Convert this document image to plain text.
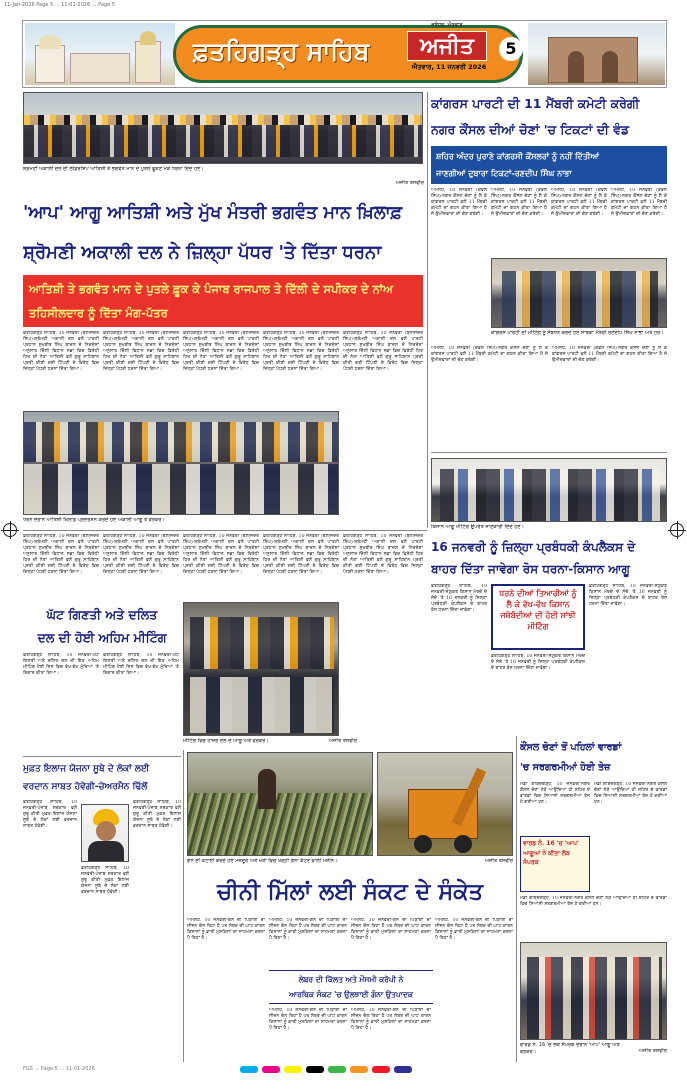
11-Jan-2026 Page 5 ... 11-01-2026 ... Page 5
ਫ਼ਤਹਿਗੜ੍ਹ ਸਾਹਿਬ	ਅਜੀਤ
ਜਲੰਧਰ, ਐਤਵਾਰ
ਐਤਵਾਰ, 11 ਜਨਵਰੀ 2026
5
ਸ਼੍ਰੋਮਣੀ ਅਕਾਲੀ ਦਲ ਦੀ ਲੀਡਰਸ਼ਿਪ ਆਤਿਸ਼ੀ ਤੇ ਭਗਵੰਤ ਮਾਨ ਦੇ ਪੁਤਲੇ ਫੂਕਣ ਮੌਕੇ ਧਰਨਾ ਦਿੰਦੇ ਹੋਏ।
ਅਜੀਤ ਤਸਵੀਰ
'ਆਪ' ਆਗੂ ਆਤਿਸ਼ੀ ਅਤੇ ਮੁੱਖ ਮੰਤਰੀ ਭਗਵੰਤ ਮਾਨ ਖ਼ਿਲਾਫ਼
ਸ਼੍ਰੋਮਣੀ ਅਕਾਲੀ ਦਲ ਨੇ ਜ਼ਿਲ੍ਹਾ ਪੱਧਰ 'ਤੇ ਦਿੱਤਾ ਧਰਨਾ
ਆਤਿਸ਼ੀ ਤੇ ਭਗਵੰਤ ਮਾਨ ਦੇ ਪੁਤਲੇ ਫ਼ੂਕ ਕੇ ਪੰਜਾਬ ਰਾਜਪਾਲ ਤੇ ਦਿੱਲੀ ਦੇ ਸਪੀਕਰ ਦੇ ਨਾਂਅ ਤਹਿਸੀਲਦਾਰ ਨੂੰ ਦਿੱਤਾ ਮੰਗ-ਪੱਤਰ
ਫ਼ਤਹਿਗੜ੍ਹ ਸਾਹਿਬ, 10 ਜਨਵਰੀ (ਬਲਜਿੰਦਰ ਸਿੰਘ)-ਸ਼੍ਰੋਮਣੀ ਅਕਾਲੀ ਦਲ ਵਲੋਂ ਪਾਰਟੀ ਪ੍ਰਧਾਨ ਸੁਖਬੀਰ ਸਿੰਘ ਬਾਦਲ ਦੇ ਨਿਰਦੇਸ਼ਾਂ ਅਨੁਸਾਰ ਦਿੱਲੀ ਵਿਧਾਨ ਸਭਾ ਵਿਚ ਵਿਰੋਧੀ ਧਿਰ ਦੀ ਨੇਤਾ ਆਤਿਸ਼ੀ ਵਲੋਂ ਗੁਰੂ ਸਾਹਿਬਾਨ ਪ੍ਰਤੀ ਕੀਤੀ ਗਈ ਟਿੱਪਣੀ ਦੇ ਵਿਰੋਧ ਵਿਚ ਜ਼ਿਲ੍ਹਾ ਪੱਧਰੀ ਧਰਨਾ ਦਿੱਤਾ ਗਿਆ।
ਫ਼ਤਹਿਗੜ੍ਹ ਸਾਹਿਬ, 10 ਜਨਵਰੀ (ਬਲਜਿੰਦਰ ਸਿੰਘ)-ਸ਼੍ਰੋਮਣੀ ਅਕਾਲੀ ਦਲ ਵਲੋਂ ਪਾਰਟੀ ਪ੍ਰਧਾਨ ਸੁਖਬੀਰ ਸਿੰਘ ਬਾਦਲ ਦੇ ਨਿਰਦੇਸ਼ਾਂ ਅਨੁਸਾਰ ਦਿੱਲੀ ਵਿਧਾਨ ਸਭਾ ਵਿਚ ਵਿਰੋਧੀ ਧਿਰ ਦੀ ਨੇਤਾ ਆਤਿਸ਼ੀ ਵਲੋਂ ਗੁਰੂ ਸਾਹਿਬਾਨ ਪ੍ਰਤੀ ਕੀਤੀ ਗਈ ਟਿੱਪਣੀ ਦੇ ਵਿਰੋਧ ਵਿਚ ਜ਼ਿਲ੍ਹਾ ਪੱਧਰੀ ਧਰਨਾ ਦਿੱਤਾ ਗਿਆ।
ਫ਼ਤਹਿਗੜ੍ਹ ਸਾਹਿਬ, 10 ਜਨਵਰੀ (ਬਲਜਿੰਦਰ ਸਿੰਘ)-ਸ਼੍ਰੋਮਣੀ ਅਕਾਲੀ ਦਲ ਵਲੋਂ ਪਾਰਟੀ ਪ੍ਰਧਾਨ ਸੁਖਬੀਰ ਸਿੰਘ ਬਾਦਲ ਦੇ ਨਿਰਦੇਸ਼ਾਂ ਅਨੁਸਾਰ ਦਿੱਲੀ ਵਿਧਾਨ ਸਭਾ ਵਿਚ ਵਿਰੋਧੀ ਧਿਰ ਦੀ ਨੇਤਾ ਆਤਿਸ਼ੀ ਵਲੋਂ ਗੁਰੂ ਸਾਹਿਬਾਨ ਪ੍ਰਤੀ ਕੀਤੀ ਗਈ ਟਿੱਪਣੀ ਦੇ ਵਿਰੋਧ ਵਿਚ ਜ਼ਿਲ੍ਹਾ ਪੱਧਰੀ ਧਰਨਾ ਦਿੱਤਾ ਗਿਆ।
ਫ਼ਤਹਿਗੜ੍ਹ ਸਾਹਿਬ, 10 ਜਨਵਰੀ (ਬਲਜਿੰਦਰ ਸਿੰਘ)-ਸ਼੍ਰੋਮਣੀ ਅਕਾਲੀ ਦਲ ਵਲੋਂ ਪਾਰਟੀ ਪ੍ਰਧਾਨ ਸੁਖਬੀਰ ਸਿੰਘ ਬਾਦਲ ਦੇ ਨਿਰਦੇਸ਼ਾਂ ਅਨੁਸਾਰ ਦਿੱਲੀ ਵਿਧਾਨ ਸਭਾ ਵਿਚ ਵਿਰੋਧੀ ਧਿਰ ਦੀ ਨੇਤਾ ਆਤਿਸ਼ੀ ਵਲੋਂ ਗੁਰੂ ਸਾਹਿਬਾਨ ਪ੍ਰਤੀ ਕੀਤੀ ਗਈ ਟਿੱਪਣੀ ਦੇ ਵਿਰੋਧ ਵਿਚ ਜ਼ਿਲ੍ਹਾ ਪੱਧਰੀ ਧਰਨਾ ਦਿੱਤਾ ਗਿਆ।
ਫ਼ਤਹਿਗੜ੍ਹ ਸਾਹਿਬ, 10 ਜਨਵਰੀ (ਬਲਜਿੰਦਰ ਸਿੰਘ)-ਸ਼੍ਰੋਮਣੀ ਅਕਾਲੀ ਦਲ ਵਲੋਂ ਪਾਰਟੀ ਪ੍ਰਧਾਨ ਸੁਖਬੀਰ ਸਿੰਘ ਬਾਦਲ ਦੇ ਨਿਰਦੇਸ਼ਾਂ ਅਨੁਸਾਰ ਦਿੱਲੀ ਵਿਧਾਨ ਸਭਾ ਵਿਚ ਵਿਰੋਧੀ ਧਿਰ ਦੀ ਨੇਤਾ ਆਤਿਸ਼ੀ ਵਲੋਂ ਗੁਰੂ ਸਾਹਿਬਾਨ ਪ੍ਰਤੀ ਕੀਤੀ ਗਈ ਟਿੱਪਣੀ ਦੇ ਵਿਰੋਧ ਵਿਚ ਜ਼ਿਲ੍ਹਾ ਪੱਧਰੀ ਧਰਨਾ ਦਿੱਤਾ ਗਿਆ।
ਧਰਨੇ ਦੌਰਾਨ ਆਤਿਸ਼ੀ ਖ਼ਿਲਾਫ਼ ਪ੍ਰਦਰਸ਼ਨ ਕਰਦੇ ਹੋਏ ਅਕਾਲੀ ਆਗੂ ਤੇ ਵਰਕਰ।
ਕਾਂਗਰਸ ਪਾਰਟੀ ਦੀ 11 ਮੈਂਬਰੀ ਕਮੇਟੀ ਕਰੇਗੀ
ਨਗਰ ਕੌਂਸਲ ਦੀਆਂ ਚੋਣਾਂ 'ਚ ਟਿਕਟਾਂ ਦੀ ਵੰਡ
ਸ਼ਹਿਰ ਅੰਦਰ ਪੁਰਾਣੇ ਕਾਂਗਰਸੀ ਕੌਂਸਲਰਾਂ ਨੂੰ ਨਹੀਂ ਦਿੱਤੀਆਂ
ਜਾਣਗੀਆਂ ਦੁਬਾਰਾ ਟਿਕਟਾਂ-ਰਣਦੀਪ ਸਿੰਘ ਨਾਭਾ
ਅਮਲੋਹ, 10 ਜਨਵਰੀ (ਕੇਵਲ ਸਿੰਘ)-ਨਗਰ ਕੌਂਸਲ ਚੋਣਾਂ ਨੂੰ ਲੈ ਕੇ ਕਾਂਗਰਸ ਪਾਰਟੀ ਵਲੋਂ 11 ਮੈਂਬਰੀ ਕਮੇਟੀ ਦਾ ਗਠਨ ਕੀਤਾ ਗਿਆ ਹੈ ਜੋ ਉਮੀਦਵਾਰਾਂ ਦੀ ਚੋਣ ਕਰੇਗੀ।
ਅਮਲੋਹ, 10 ਜਨਵਰੀ (ਕੇਵਲ ਸਿੰਘ)-ਨਗਰ ਕੌਂਸਲ ਚੋਣਾਂ ਨੂੰ ਲੈ ਕੇ ਕਾਂਗਰਸ ਪਾਰਟੀ ਵਲੋਂ 11 ਮੈਂਬਰੀ ਕਮੇਟੀ ਦਾ ਗਠਨ ਕੀਤਾ ਗਿਆ ਹੈ ਜੋ ਉਮੀਦਵਾਰਾਂ ਦੀ ਚੋਣ ਕਰੇਗੀ।
ਅਮਲੋਹ, 10 ਜਨਵਰੀ (ਕੇਵਲ ਸਿੰਘ)-ਨਗਰ ਕੌਂਸਲ ਚੋਣਾਂ ਨੂੰ ਲੈ ਕੇ ਕਾਂਗਰਸ ਪਾਰਟੀ ਵਲੋਂ 11 ਮੈਂਬਰੀ ਕਮੇਟੀ ਦਾ ਗਠਨ ਕੀਤਾ ਗਿਆ ਹੈ ਜੋ ਉਮੀਦਵਾਰਾਂ ਦੀ ਚੋਣ ਕਰੇਗੀ।
ਅਮਲੋਹ, 10 ਜਨਵਰੀ (ਕੇਵਲ ਸਿੰਘ)-ਨਗਰ ਕੌਂਸਲ ਚੋਣਾਂ ਨੂੰ ਲੈ ਕੇ ਕਾਂਗਰਸ ਪਾਰਟੀ ਵਲੋਂ 11 ਮੈਂਬਰੀ ਕਮੇਟੀ ਦਾ ਗਠਨ ਕੀਤਾ ਗਿਆ ਹੈ ਜੋ ਉਮੀਦਵਾਰਾਂ ਦੀ ਚੋਣ ਕਰੇਗੀ।
ਕਾਂਗਰਸ ਪਾਰਟੀ ਦੀ ਮੀਟਿੰਗ ਨੂੰ ਸੰਬੋਧਨ ਕਰਦੇ ਹੋਏ ਸਾਬਕਾ ਮੰਤਰੀ ਰਣਦੀਪ ਸਿੰਘ ਨਾਭਾ ਅਤੇ ਹੋਰ।
ਅਮਲੋਹ, 10 ਜਨਵਰੀ (ਕੇਵਲ ਸਿੰਘ)-ਨਗਰ ਕੌਂਸਲ ਚੋਣਾਂ ਨੂੰ ਲੈ ਕੇ ਕਾਂਗਰਸ ਪਾਰਟੀ ਵਲੋਂ 11 ਮੈਂਬਰੀ ਕਮੇਟੀ ਦਾ ਗਠਨ ਕੀਤਾ ਗਿਆ ਹੈ ਜੋ ਉਮੀਦਵਾਰਾਂ ਦੀ ਚੋਣ ਕਰੇਗੀ।
ਅਮਲੋਹ, 10 ਜਨਵਰੀ (ਕੇਵਲ ਸਿੰਘ)-ਨਗਰ ਕੌਂਸਲ ਚੋਣਾਂ ਨੂੰ ਲੈ ਕੇ ਕਾਂਗਰਸ ਪਾਰਟੀ ਵਲੋਂ 11 ਮੈਂਬਰੀ ਕਮੇਟੀ ਦਾ ਗਠਨ ਕੀਤਾ ਗਿਆ ਹੈ ਜੋ ਉਮੀਦਵਾਰਾਂ ਦੀ ਚੋਣ ਕਰੇਗੀ।
ਕਿਸਾਨ ਆਗੂ ਮੀਟਿੰਗ ਉਪਰੰਤ ਜਾਣਕਾਰੀ ਦਿੰਦੇ ਹੋਏ।
16 ਜਨਵਰੀ ਨੂੰ ਜ਼ਿਲ੍ਹਾ ਪ੍ਰਬੰਧਕੀ ਕੰਪਲੈਕਸ ਦੇ
ਬਾਹਰ ਦਿੱਤਾ ਜਾਵੇਗਾ ਰੋਸ ਧਰਨਾ-ਕਿਸਾਨ ਆਗੂ
ਫ਼ਤਹਿਗੜ੍ਹ ਸਾਹਿਬ, 10 ਜਨਵਰੀ-ਸੰਯੁਕਤ ਕਿਸਾਨ ਮੋਰਚੇ ਦੇ ਸੱਦੇ 'ਤੇ 16 ਜਨਵਰੀ ਨੂੰ ਜ਼ਿਲ੍ਹਾ ਪ੍ਰਬੰਧਕੀ ਕੰਪਲੈਕਸ ਦੇ ਬਾਹਰ ਰੋਸ ਧਰਨਾ ਦਿੱਤਾ ਜਾਵੇਗਾ।
ਧਰਨੇ ਦੀਆਂ ਤਿਆਰੀਆਂ ਨੂੰ ਲੈ ਕੇ ਵੱਖ-ਵੱਖ ਕਿਸਾਨ ਜਥੇਬੰਦੀਆਂ ਦੀ ਹੋਈ ਸਾਂਝੀ ਮੀਟਿੰਗ
ਫ਼ਤਹਿਗੜ੍ਹ ਸਾਹਿਬ, 10 ਜਨਵਰੀ-ਸੰਯੁਕਤ ਕਿਸਾਨ ਮੋਰਚੇ ਦੇ ਸੱਦੇ 'ਤੇ 16 ਜਨਵਰੀ ਨੂੰ ਜ਼ਿਲ੍ਹਾ ਪ੍ਰਬੰਧਕੀ ਕੰਪਲੈਕਸ ਦੇ ਬਾਹਰ ਰੋਸ ਧਰਨਾ ਦਿੱਤਾ ਜਾਵੇਗਾ।
ਫ਼ਤਹਿਗੜ੍ਹ ਸਾਹਿਬ, 10 ਜਨਵਰੀ-ਸੰਯੁਕਤ ਕਿਸਾਨ ਮੋਰਚੇ ਦੇ ਸੱਦੇ 'ਤੇ 16 ਜਨਵਰੀ ਨੂੰ ਜ਼ਿਲ੍ਹਾ ਪ੍ਰਬੰਧਕੀ ਕੰਪਲੈਕਸ ਦੇ ਬਾਹਰ ਰੋਸ ਧਰਨਾ ਦਿੱਤਾ ਜਾਵੇਗਾ।
ਫ਼ਤਹਿਗੜ੍ਹ ਸਾਹਿਬ, 10 ਜਨਵਰੀ (ਬਲਜਿੰਦਰ ਸਿੰਘ)-ਸ਼੍ਰੋਮਣੀ ਅਕਾਲੀ ਦਲ ਵਲੋਂ ਪਾਰਟੀ ਪ੍ਰਧਾਨ ਸੁਖਬੀਰ ਸਿੰਘ ਬਾਦਲ ਦੇ ਨਿਰਦੇਸ਼ਾਂ ਅਨੁਸਾਰ ਦਿੱਲੀ ਵਿਧਾਨ ਸਭਾ ਵਿਚ ਵਿਰੋਧੀ ਧਿਰ ਦੀ ਨੇਤਾ ਆਤਿਸ਼ੀ ਵਲੋਂ ਗੁਰੂ ਸਾਹਿਬਾਨ ਪ੍ਰਤੀ ਕੀਤੀ ਗਈ ਟਿੱਪਣੀ ਦੇ ਵਿਰੋਧ ਵਿਚ ਜ਼ਿਲ੍ਹਾ ਪੱਧਰੀ ਧਰਨਾ ਦਿੱਤਾ ਗਿਆ।
ਫ਼ਤਹਿਗੜ੍ਹ ਸਾਹਿਬ, 10 ਜਨਵਰੀ (ਬਲਜਿੰਦਰ ਸਿੰਘ)-ਸ਼੍ਰੋਮਣੀ ਅਕਾਲੀ ਦਲ ਵਲੋਂ ਪਾਰਟੀ ਪ੍ਰਧਾਨ ਸੁਖਬੀਰ ਸਿੰਘ ਬਾਦਲ ਦੇ ਨਿਰਦੇਸ਼ਾਂ ਅਨੁਸਾਰ ਦਿੱਲੀ ਵਿਧਾਨ ਸਭਾ ਵਿਚ ਵਿਰੋਧੀ ਧਿਰ ਦੀ ਨੇਤਾ ਆਤਿਸ਼ੀ ਵਲੋਂ ਗੁਰੂ ਸਾਹਿਬਾਨ ਪ੍ਰਤੀ ਕੀਤੀ ਗਈ ਟਿੱਪਣੀ ਦੇ ਵਿਰੋਧ ਵਿਚ ਜ਼ਿਲ੍ਹਾ ਪੱਧਰੀ ਧਰਨਾ ਦਿੱਤਾ ਗਿਆ।
ਫ਼ਤਹਿਗੜ੍ਹ ਸਾਹਿਬ, 10 ਜਨਵਰੀ (ਬਲਜਿੰਦਰ ਸਿੰਘ)-ਸ਼੍ਰੋਮਣੀ ਅਕਾਲੀ ਦਲ ਵਲੋਂ ਪਾਰਟੀ ਪ੍ਰਧਾਨ ਸੁਖਬੀਰ ਸਿੰਘ ਬਾਦਲ ਦੇ ਨਿਰਦੇਸ਼ਾਂ ਅਨੁਸਾਰ ਦਿੱਲੀ ਵਿਧਾਨ ਸਭਾ ਵਿਚ ਵਿਰੋਧੀ ਧਿਰ ਦੀ ਨੇਤਾ ਆਤਿਸ਼ੀ ਵਲੋਂ ਗੁਰੂ ਸਾਹਿਬਾਨ ਪ੍ਰਤੀ ਕੀਤੀ ਗਈ ਟਿੱਪਣੀ ਦੇ ਵਿਰੋਧ ਵਿਚ ਜ਼ਿਲ੍ਹਾ ਪੱਧਰੀ ਧਰਨਾ ਦਿੱਤਾ ਗਿਆ।
ਫ਼ਤਹਿਗੜ੍ਹ ਸਾਹਿਬ, 10 ਜਨਵਰੀ (ਬਲਜਿੰਦਰ ਸਿੰਘ)-ਸ਼੍ਰੋਮਣੀ ਅਕਾਲੀ ਦਲ ਵਲੋਂ ਪਾਰਟੀ ਪ੍ਰਧਾਨ ਸੁਖਬੀਰ ਸਿੰਘ ਬਾਦਲ ਦੇ ਨਿਰਦੇਸ਼ਾਂ ਅਨੁਸਾਰ ਦਿੱਲੀ ਵਿਧਾਨ ਸਭਾ ਵਿਚ ਵਿਰੋਧੀ ਧਿਰ ਦੀ ਨੇਤਾ ਆਤਿਸ਼ੀ ਵਲੋਂ ਗੁਰੂ ਸਾਹਿਬਾਨ ਪ੍ਰਤੀ ਕੀਤੀ ਗਈ ਟਿੱਪਣੀ ਦੇ ਵਿਰੋਧ ਵਿਚ ਜ਼ਿਲ੍ਹਾ ਪੱਧਰੀ ਧਰਨਾ ਦਿੱਤਾ ਗਿਆ।
ਫ਼ਤਹਿਗੜ੍ਹ ਸਾਹਿਬ, 10 ਜਨਵਰੀ (ਬਲਜਿੰਦਰ ਸਿੰਘ)-ਸ਼੍ਰੋਮਣੀ ਅਕਾਲੀ ਦਲ ਵਲੋਂ ਪਾਰਟੀ ਪ੍ਰਧਾਨ ਸੁਖਬੀਰ ਸਿੰਘ ਬਾਦਲ ਦੇ ਨਿਰਦੇਸ਼ਾਂ ਅਨੁਸਾਰ ਦਿੱਲੀ ਵਿਧਾਨ ਸਭਾ ਵਿਚ ਵਿਰੋਧੀ ਧਿਰ ਦੀ ਨੇਤਾ ਆਤਿਸ਼ੀ ਵਲੋਂ ਗੁਰੂ ਸਾਹਿਬਾਨ ਪ੍ਰਤੀ ਕੀਤੀ ਗਈ ਟਿੱਪਣੀ ਦੇ ਵਿਰੋਧ ਵਿਚ ਜ਼ਿਲ੍ਹਾ ਪੱਧਰੀ ਧਰਨਾ ਦਿੱਤਾ ਗਿਆ।
ਘੱਟ ਗਿਣਤੀ ਅਤੇ ਦਲਿਤ
ਦਲ ਦੀ ਹੋਈ ਅਹਿਮ ਮੀਟਿੰਗ
ਫ਼ਤਹਿਗੜ੍ਹ ਸਾਹਿਬ, 10 ਜਨਵਰੀ-ਘੱਟ ਗਿਣਤੀ ਅਤੇ ਦਲਿਤ ਦਲ ਦੀ ਇਕ ਅਹਿਮ ਮੀਟਿੰਗ ਹੋਈ ਜਿਸ ਵਿਚ ਵੱਖ-ਵੱਖ ਮੁੱਦਿਆਂ 'ਤੇ ਵਿਚਾਰ ਕੀਤਾ ਗਿਆ।
ਫ਼ਤਹਿਗੜ੍ਹ ਸਾਹਿਬ, 10 ਜਨਵਰੀ-ਘੱਟ ਗਿਣਤੀ ਅਤੇ ਦਲਿਤ ਦਲ ਦੀ ਇਕ ਅਹਿਮ ਮੀਟਿੰਗ ਹੋਈ ਜਿਸ ਵਿਚ ਵੱਖ-ਵੱਖ ਮੁੱਦਿਆਂ 'ਤੇ ਵਿਚਾਰ ਕੀਤਾ ਗਿਆ।
ਮੀਟਿੰਗ ਵਿਚ ਹਾਜ਼ਰ ਦਲ ਦੇ ਆਗੂ ਅਤੇ ਵਰਕਰ।	ਅਜੀਤ ਤਸਵੀਰ
ਮੁਫ਼ਤ ਇਲਾਜ ਯੋਜਨਾ ਸੂਬੇ ਦੇ ਲੋਕਾਂ ਲਈ
ਵਰਦਾਨ ਸਾਬਤ ਹੋਵੇਗੀ-ਚੇਅਰਮੈਨ ਢਿੱਲੋਂ
ਫ਼ਤਹਿਗੜ੍ਹ ਸਾਹਿਬ, 10 ਜਨਵਰੀ-ਪੰਜਾਬ ਸਰਕਾਰ ਵਲੋਂ ਸ਼ੁਰੂ ਕੀਤੀ ਮੁਫ਼ਤ ਇਲਾਜ ਯੋਜਨਾ ਸੂਬੇ ਦੇ ਲੋਕਾਂ ਲਈ ਵਰਦਾਨ ਸਾਬਤ ਹੋਵੇਗੀ।
ਫ਼ਤਹਿਗੜ੍ਹ ਸਾਹਿਬ, 10 ਜਨਵਰੀ-ਪੰਜਾਬ ਸਰਕਾਰ ਵਲੋਂ ਸ਼ੁਰੂ ਕੀਤੀ ਮੁਫ਼ਤ ਇਲਾਜ ਯੋਜਨਾ ਸੂਬੇ ਦੇ ਲੋਕਾਂ ਲਈ ਵਰਦਾਨ ਸਾਬਤ ਹੋਵੇਗੀ।
ਫ਼ਤਹਿਗੜ੍ਹ ਸਾਹਿਬ, 10 ਜਨਵਰੀ-ਪੰਜਾਬ ਸਰਕਾਰ ਵਲੋਂ ਸ਼ੁਰੂ ਕੀਤੀ ਮੁਫ਼ਤ ਇਲਾਜ ਯੋਜਨਾ ਸੂਬੇ ਦੇ ਲੋਕਾਂ ਲਈ ਵਰਦਾਨ ਸਾਬਤ ਹੋਵੇਗੀ।
ਗੰਨੇ ਦੀ ਕਟਾਈ ਕਰਦੇ ਹੋਏ ਮਜ਼ਦੂਰ ਅਤੇ ਖੇਤਾਂ ਵਿਚ ਖੜ੍ਹੀ ਗੰਨਾ ਕੱਟਣ ਵਾਲੀ ਮਸ਼ੀਨ।	ਅਜੀਤ ਤਸਵੀਰ
ਚੀਨੀ ਮਿੱਲਾਂ ਲਈ ਸੰਕਟ ਦੇ ਸੰਕੇਤ
ਅਮਲੋਹ, 10 ਜਨਵਰੀ-ਗੰਨੇ ਦੀ ਪਿੜਾਈ ਦਾ ਸੀਜ਼ਨ ਚੱਲ ਰਿਹਾ ਹੈ ਪਰ ਲੇਬਰ ਦੀ ਘਾਟ ਕਾਰਨ ਕਿਸਾਨਾਂ ਨੂੰ ਭਾਰੀ ਮੁਸ਼ਕਿਲਾਂ ਦਾ ਸਾਹਮਣਾ ਕਰਨਾ ਪੈ ਰਿਹਾ ਹੈ।
ਅਮਲੋਹ, 10 ਜਨਵਰੀ-ਗੰਨੇ ਦੀ ਪਿੜਾਈ ਦਾ ਸੀਜ਼ਨ ਚੱਲ ਰਿਹਾ ਹੈ ਪਰ ਲੇਬਰ ਦੀ ਘਾਟ ਕਾਰਨ ਕਿਸਾਨਾਂ ਨੂੰ ਭਾਰੀ ਮੁਸ਼ਕਿਲਾਂ ਦਾ ਸਾਹਮਣਾ ਕਰਨਾ ਪੈ ਰਿਹਾ ਹੈ।
ਲੇਬਰ ਦੀ ਕਿੱਲਤ ਅਤੇ ਮੌਸਮੀ ਕਰੋਪੀ ਨੇ
ਆਰਥਿਕ ਸੰਕਟ 'ਚ ਉਲਝਾਈ ਗੰਨਾ ਉਤਪਾਦਕ
ਅਮਲੋਹ, 10 ਜਨਵਰੀ-ਗੰਨੇ ਦੀ ਪਿੜਾਈ ਦਾ ਸੀਜ਼ਨ ਚੱਲ ਰਿਹਾ ਹੈ ਪਰ ਲੇਬਰ ਦੀ ਘਾਟ ਕਾਰਨ ਕਿਸਾਨਾਂ ਨੂੰ ਭਾਰੀ ਮੁਸ਼ਕਿਲਾਂ ਦਾ ਸਾਹਮਣਾ ਕਰਨਾ ਪੈ ਰਿਹਾ ਹੈ।
ਅਮਲੋਹ, 10 ਜਨਵਰੀ-ਗੰਨੇ ਦੀ ਪਿੜਾਈ ਦਾ ਸੀਜ਼ਨ ਚੱਲ ਰਿਹਾ ਹੈ ਪਰ ਲੇਬਰ ਦੀ ਘਾਟ ਕਾਰਨ ਕਿਸਾਨਾਂ ਨੂੰ ਭਾਰੀ ਮੁਸ਼ਕਿਲਾਂ ਦਾ ਸਾਹਮਣਾ ਕਰਨਾ ਪੈ ਰਿਹਾ ਹੈ।
ਅਮਲੋਹ, 10 ਜਨਵਰੀ-ਗੰਨੇ ਦੀ ਪਿੜਾਈ ਦਾ ਸੀਜ਼ਨ ਚੱਲ ਰਿਹਾ ਹੈ ਪਰ ਲੇਬਰ ਦੀ ਘਾਟ ਕਾਰਨ ਕਿਸਾਨਾਂ ਨੂੰ ਭਾਰੀ ਮੁਸ਼ਕਿਲਾਂ ਦਾ ਸਾਹਮਣਾ ਕਰਨਾ ਪੈ ਰਿਹਾ ਹੈ।
ਅਮਲੋਹ, 10 ਜਨਵਰੀ-ਗੰਨੇ ਦੀ ਪਿੜਾਈ ਦਾ ਸੀਜ਼ਨ ਚੱਲ ਰਿਹਾ ਹੈ ਪਰ ਲੇਬਰ ਦੀ ਘਾਟ ਕਾਰਨ ਕਿਸਾਨਾਂ ਨੂੰ ਭਾਰੀ ਮੁਸ਼ਕਿਲਾਂ ਦਾ ਸਾਹਮਣਾ ਕਰਨਾ ਪੈ ਰਿਹਾ ਹੈ।
ਕੌਂਸਲ ਚੋਣਾਂ ਤੋਂ ਪਹਿਲਾਂ ਵਾਰਡਾਂ
'ਚ ਸਰਗਰਮੀਆਂ ਹੋਈ ਤੇਜ਼
ਮੰਡੀ ਗੋਬਿੰਦਗੜ੍ਹ, 10 ਜਨਵਰੀ-ਨਗਰ ਕੌਂਸਲ ਚੋਣਾਂ ਨੇੜੇ ਆਉਂਦਿਆਂ ਹੀ ਸ਼ਹਿਰ ਦੇ ਵਾਰਡਾਂ ਵਿਚ ਸਿਆਸੀ ਸਰਗਰਮੀਆਂ ਤੇਜ਼ ਹੋ ਗਈਆਂ ਹਨ।
ਮੰਡੀ ਗੋਬਿੰਦਗੜ੍ਹ, 10 ਜਨਵਰੀ-ਨਗਰ ਕੌਂਸਲ ਚੋਣਾਂ ਨੇੜੇ ਆਉਂਦਿਆਂ ਹੀ ਸ਼ਹਿਰ ਦੇ ਵਾਰਡਾਂ ਵਿਚ ਸਿਆਸੀ ਸਰਗਰਮੀਆਂ ਤੇਜ਼ ਹੋ ਗਈਆਂ ਹਨ।
ਵਾਰਡ ਨੰ. 16 'ਚ 'ਆਪ' ਆਗੂਆਂ ਨੇ ਕੀਤਾ ਲੋਕ ਸੰਪਰਕ
ਮੰਡੀ ਗੋਬਿੰਦਗੜ੍ਹ, 10 ਜਨਵਰੀ-ਨਗਰ ਕੌਂਸਲ ਚੋਣਾਂ ਨੇੜੇ ਆਉਂਦਿਆਂ ਹੀ ਸ਼ਹਿਰ ਦੇ ਵਾਰਡਾਂ ਵਿਚ ਸਿਆਸੀ ਸਰਗਰਮੀਆਂ ਤੇਜ਼ ਹੋ ਗਈਆਂ ਹਨ।
ਵਾਰਡ ਨੰ. 16 'ਚ ਲੋਕ ਸੰਪਰਕ ਦੌਰਾਨ 'ਆਪ' ਆਗੂ ਅਤੇ ਵਰਕਰ।	ਅਜੀਤ ਤਸਵੀਰ
FGS ... Page 5 ... 11-01-2026
